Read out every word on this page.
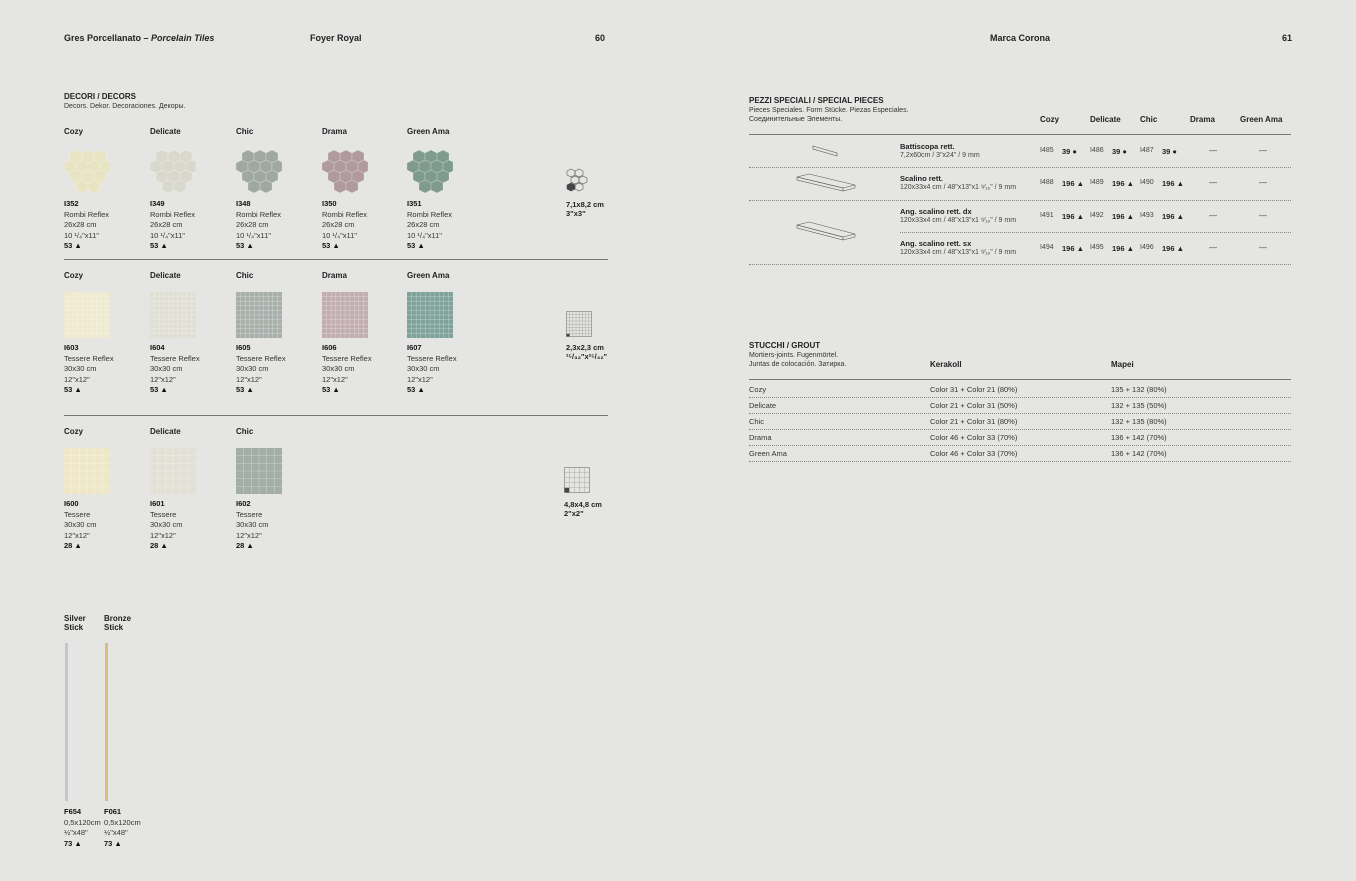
Gres Porcellanato – Porcelain Tiles	Foyer Royal	60	Marca Corona	61
DECORI / DECORS
Decors. Dekor. Decoraciones. Декоры.
Cozy
I352
Rombi Reflex
26x28 cm
10 ¹/₄"x11"
53 ▲
Delicate
I349
Rombi Reflex
26x28 cm
10 ¹/₄"x11"
53 ▲
Chic
I348
Rombi Reflex
26x28 cm
10 ¹/₄"x11"
53 ▲
Drama
I350
Rombi Reflex
26x28 cm
10 ¹/₄"x11"
53 ▲
Green Ama
I351
Rombi Reflex
26x28 cm
10 ¹/₄"x11"
53 ▲
Cozy
I603
Tessere Reflex
30x30 cm
12"x12"
53 ▲
Delicate
I604
Tessere Reflex
30x30 cm
12"x12"
53 ▲
Chic
I605
Tessere Reflex
30x30 cm
12"x12"
53 ▲
Drama
I606
Tessere Reflex
30x30 cm
12"x12"
53 ▲
Green Ama
I607
Tessere Reflex
30x30 cm
12"x12"
53 ▲
Cozy
I600
Tessere
30x30 cm
12"x12"
28 ▲
Delicate
I601
Tessere
30x30 cm
12"x12"
28 ▲
Chic
I602
Tessere
30x30 cm
12"x12"
28 ▲
7,1x8,2 cm
3"x3"
2,3x2,3 cm
²⁵/₃₂"x²⁵/₃₂"
4,8x4,8 cm
2"x2"
Silver
Stick
Bronze
Stick
F654
0,5x120cm
½"x48"
73 ▲
F061
0,5x120cm
½"x48"
73 ▲
PEZZI SPECIALI / SPECIAL PIECES
Pieces Speciales. Form Stücke. Piezas Especiales.
Соединительные Элементы.	Cozy	Delicate Chic	Drama	Green Ama
Battiscopa rett.
7,2x60cm / 3"x24" / 9 mm
I485 39 ● I486 39 ● I487 39 ●	—	—
Scalino rett.
120x33x4 cm / 48"x13"x1 ⁹⁄₁₆" / 9 mm
I488 196 ▲ I489 196 ▲ I490 196 ▲	—	—
Ang. scalino rett. dx
120x33x4 cm / 48"x13"x1 ⁹⁄₁₆" / 9 mm
I491 196 ▲ I492 196 ▲ I493 196 ▲	—	—
Ang. scalino rett. sx
120x33x4 cm / 48"x13"x1 ⁹⁄₁₆" / 9 mm
I494 196 ▲ I495 196 ▲ I496 196 ▲	—	—
STUCCHI / GROUT
Mortiers-joints. Fugenmörtel.
Juntas de colocación. Затирка.	Kerakoll	Mapei
Cozy	Color 31 + Color 21 (80%)	135 + 132 (80%)
Delicate	Color 21 + Color 31 (50%)	132 + 135 (50%)
Chic	Color 21 + Color 31 (80%)	132 + 135 (80%)
Drama	Color 46 + Color 33 (70%)	136 + 142 (70%)
Green Ama	Color 46 + Color 33 (70%)	136 + 142 (70%)
